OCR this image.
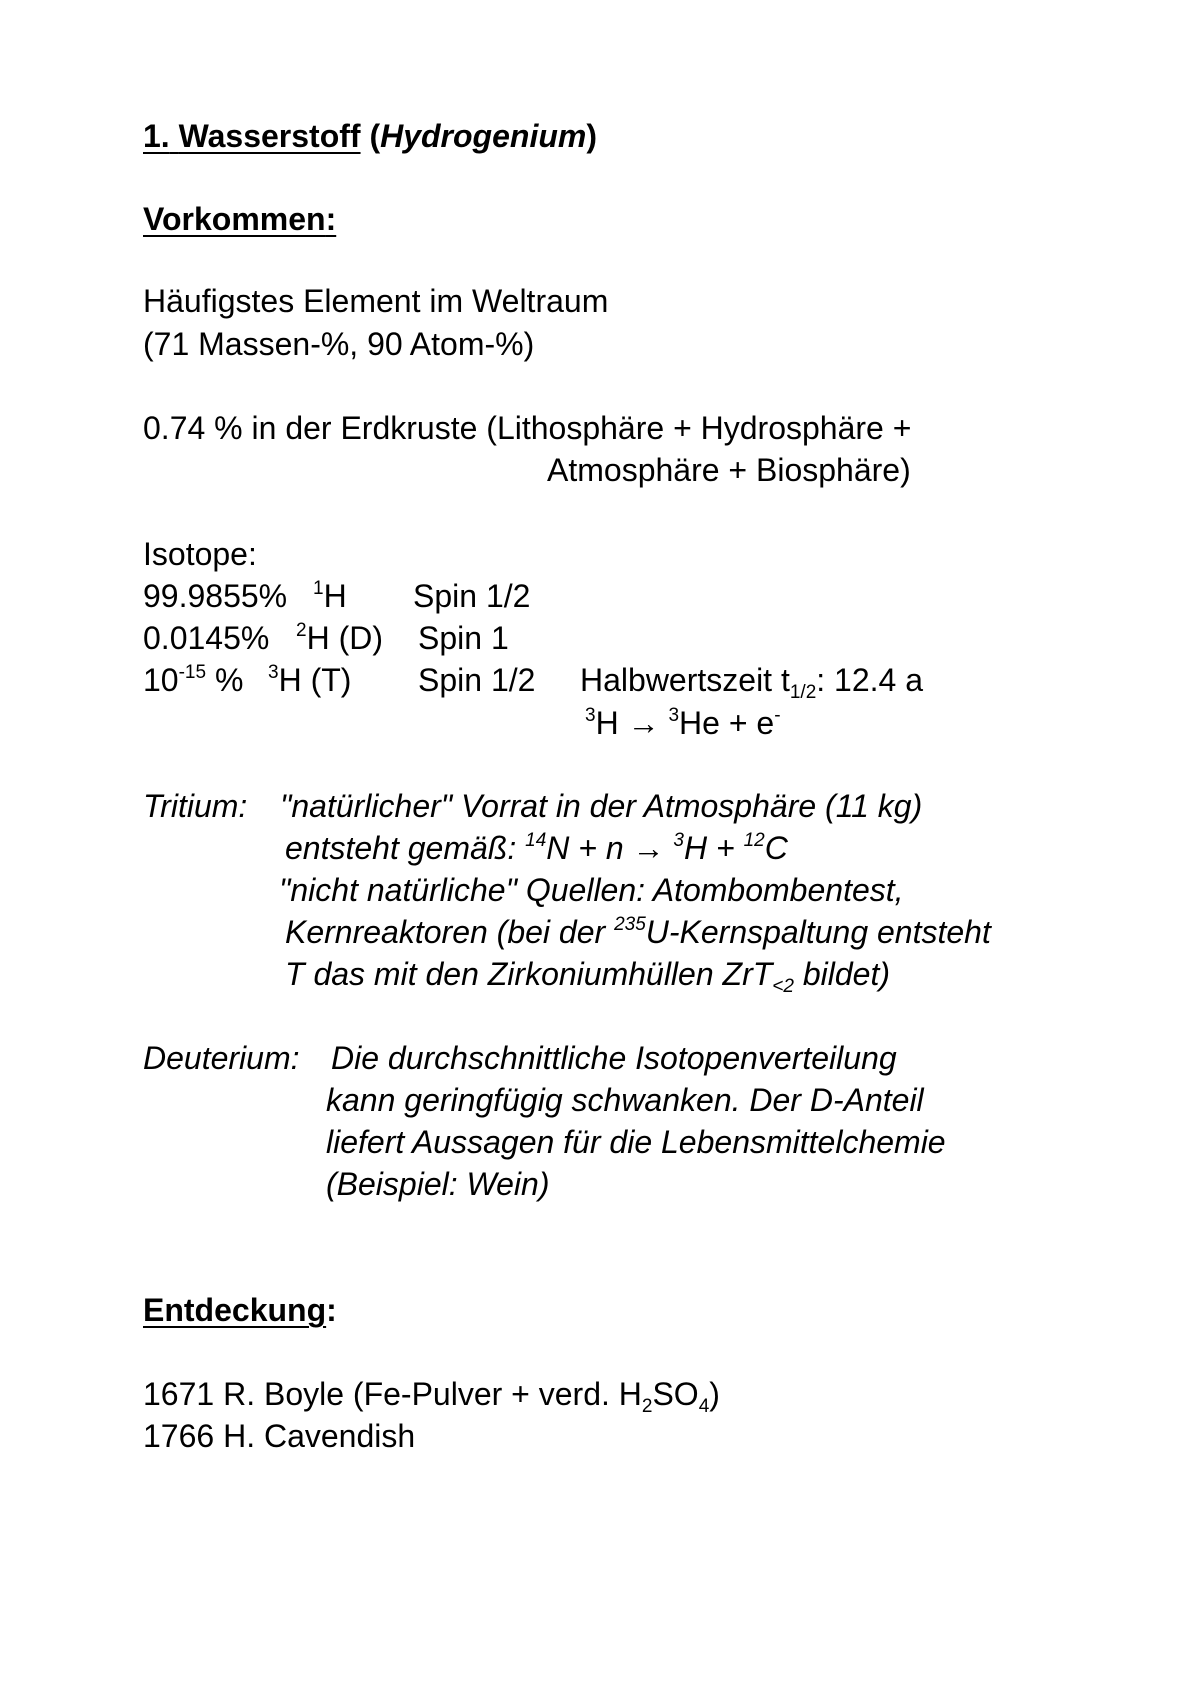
1. Wasserstoff (Hydrogenium)
Vorkommen:
Häufigstes Element im Weltraum
(71 Massen-%, 90 Atom-%)
0.74 % in der Erdkruste (Lithosphäre + Hydrosphäre +
Atmosphäre + Biosphäre)
Isotope:
99.9855% $^1$H Spin 1/2
0.0145% $^2$H (D) Spin 1
$10^{-15}$ % $^3$H (T) Spin 1/2 Halbwertszeit $t_{1/2}$: 12.4 a
$^3$H → $^3$He + e-
Tritium: "natürlicher" Vorrat in der Atmosphäre (11 kg)
entsteht gemäß: $^{14}$N + n → $^3$H + $^{12}$C
"nicht natürliche" Quellen: Atombombentest,
Kernreaktoren (bei der $^{235}$U-Kernspaltung entsteht
T das mit den Zirkoniumhüllen ZrT$_{<2}$ bildet)
Deuterium: Die durchschnittliche Isotopenverteilung
kann geringfügig schwanken. Der D-Anteil
liefert Aussagen für die Lebensmittelchemie
(Beispiel: Wein)
Entdeckung:
1671 R. Boyle (Fe-Pulver + verd. $H_2SO_4$)
1766 H. Cavendish
